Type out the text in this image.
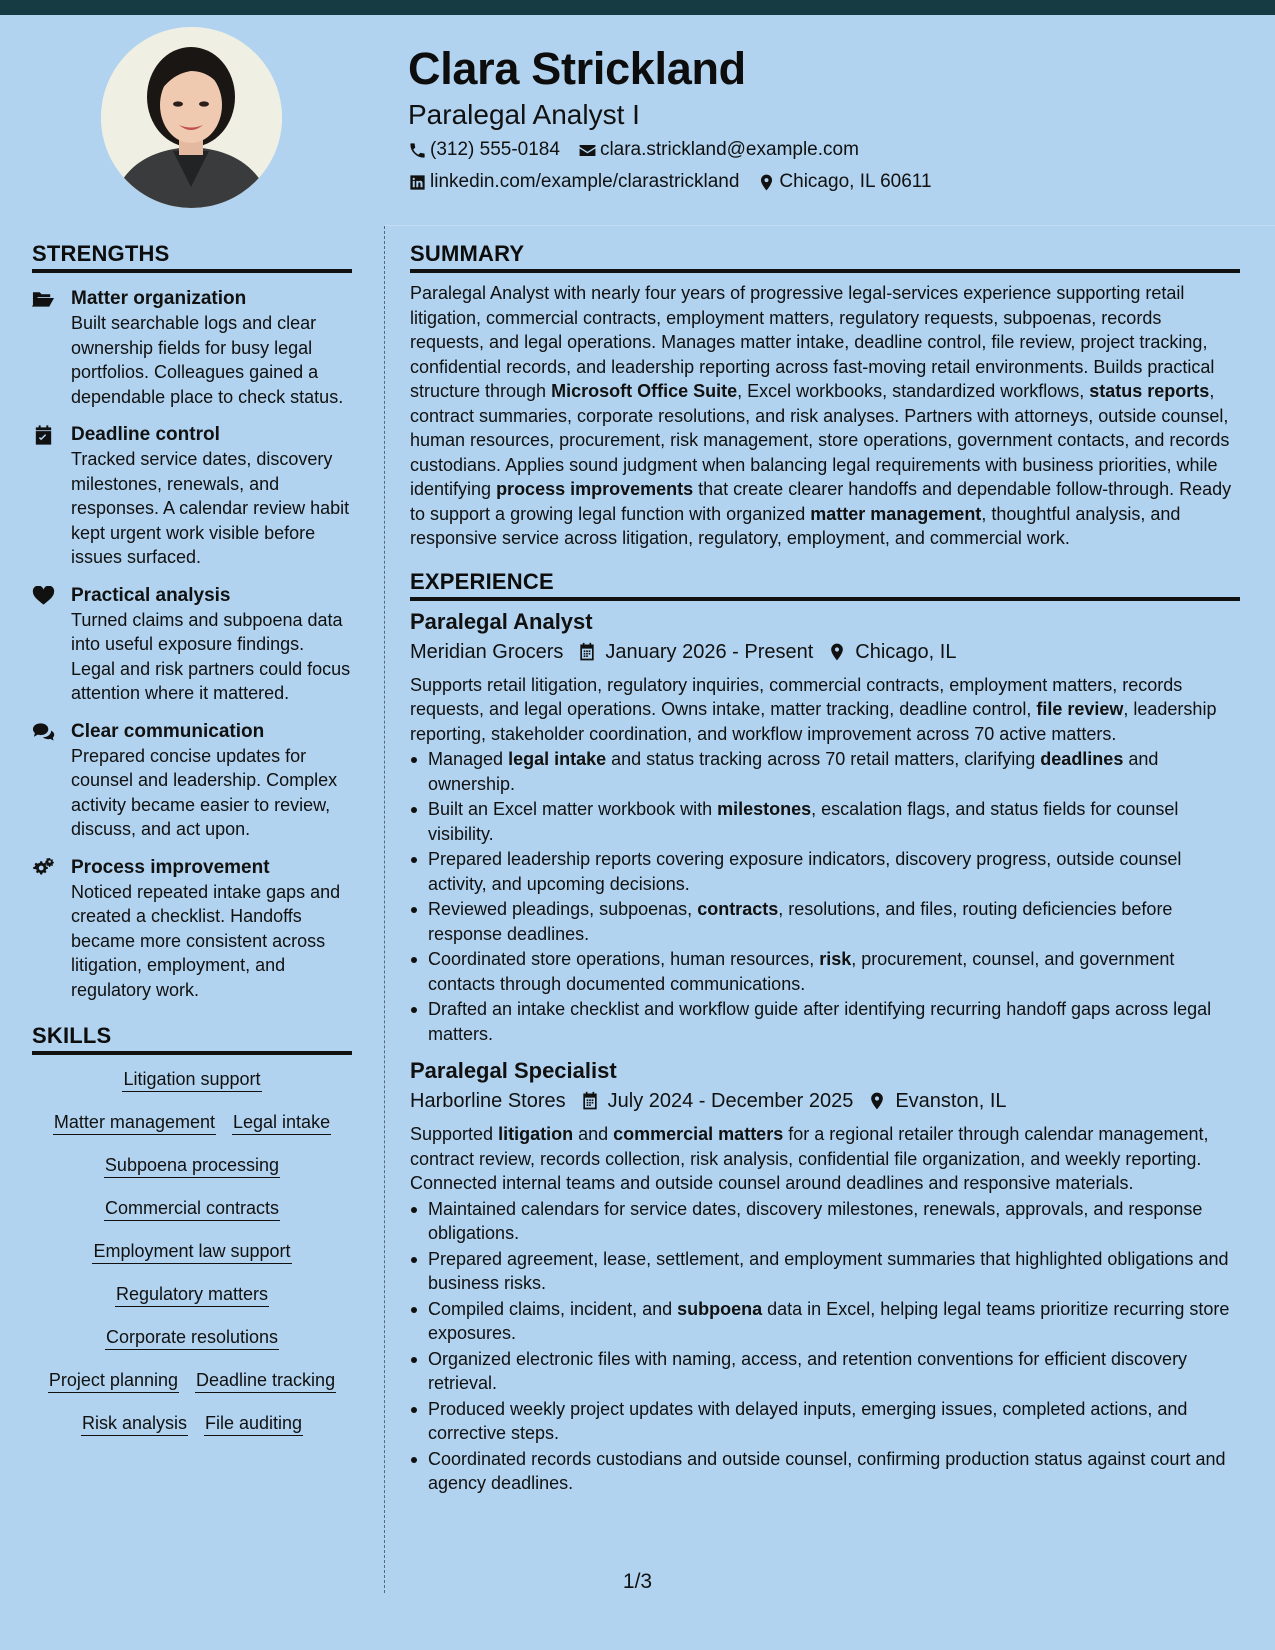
Clara Strickland
Paralegal Analyst I
(312) 555-0184 clara.strickland@example.com
linkedin.com/example/clarastrickland Chicago, IL 60611
STRENGTHS
Matter organization
Built searchable logs and clear ownership fields for busy legal portfolios. Colleagues gained a dependable place to check status.
Deadline control
Tracked service dates, discovery milestones, renewals, and responses. A calendar review habit kept urgent work visible before issues surfaced.
Practical analysis
Turned claims and subpoena data into useful exposure findings. Legal and risk partners could focus attention where it mattered.
Clear communication
Prepared concise updates for counsel and leadership. Complex activity became easier to review, discuss, and act upon.
Process improvement
Noticed repeated intake gaps and created a checklist. Handoffs became more consistent across litigation, employment, and regulatory work.
SKILLS
Litigation support
Matter management Legal intake
Subpoena processing
Commercial contracts
Employment law support
Regulatory matters
Corporate resolutions
Project planning Deadline tracking
Risk analysis File auditing
SUMMARY

Paralegal Analyst with nearly four years of progressive legal-services experience supporting retail litigation, commercial contracts, employment matters, regulatory requests, subpoenas, records requests, and legal operations. Manages matter intake, deadline control, file review, project tracking, confidential records, and leadership reporting across fast-moving retail environments. Builds practical structure through Microsoft Office Suite, Excel workbooks, standardized workflows, status reports, contract summaries, corporate resolutions, and risk analyses. Partners with attorneys, outside counsel, human resources, procurement, risk management, store operations, government contacts, and records custodians. Applies sound judgment when balancing legal requirements with business priorities, while identifying process improvements that create clearer handoffs and dependable follow-through. Ready to support a growing legal function with organized matter management, thoughtful analysis, and responsive service across litigation, regulatory, employment, and commercial work.

EXPERIENCE
Paralegal Analyst
Meridian Grocers January 2026 - Present Chicago, IL

Supports retail litigation, regulatory inquiries, commercial contracts, employment matters, records requests, and legal operations. Owns intake, matter tracking, deadline control, file review, leadership reporting, stakeholder coordination, and workflow improvement across 70 active matters.

Managed legal intake and status tracking across 70 retail matters, clarifying deadlines and ownership.
Built an Excel matter workbook with milestones, escalation flags, and status fields for counsel visibility.
Prepared leadership reports covering exposure indicators, discovery progress, outside counsel activity, and upcoming decisions.
Reviewed pleadings, subpoenas, contracts, resolutions, and files, routing deficiencies before response deadlines.
Coordinated store operations, human resources, risk, procurement, counsel, and government contacts through documented communications.
Drafted an intake checklist and workflow guide after identifying recurring handoff gaps across legal matters.
Paralegal Specialist
Harborline Stores July 2024 - December 2025 Evanston, IL

Supported litigation and commercial matters for a regional retailer through calendar management, contract review, records collection, risk analysis, confidential file organization, and weekly reporting. Connected internal teams and outside counsel around deadlines and responsive materials.

Maintained calendars for service dates, discovery milestones, renewals, approvals, and response obligations.
Prepared agreement, lease, settlement, and employment summaries that highlighted obligations and business risks.
Compiled claims, incident, and subpoena data in Excel, helping legal teams prioritize recurring store exposures.
Organized electronic files with naming, access, and retention conventions for efficient discovery retrieval.
Produced weekly project updates with delayed inputs, emerging issues, completed actions, and corrective steps.
Coordinated records custodians and outside counsel, confirming production status against court and agency deadlines.
1/3
